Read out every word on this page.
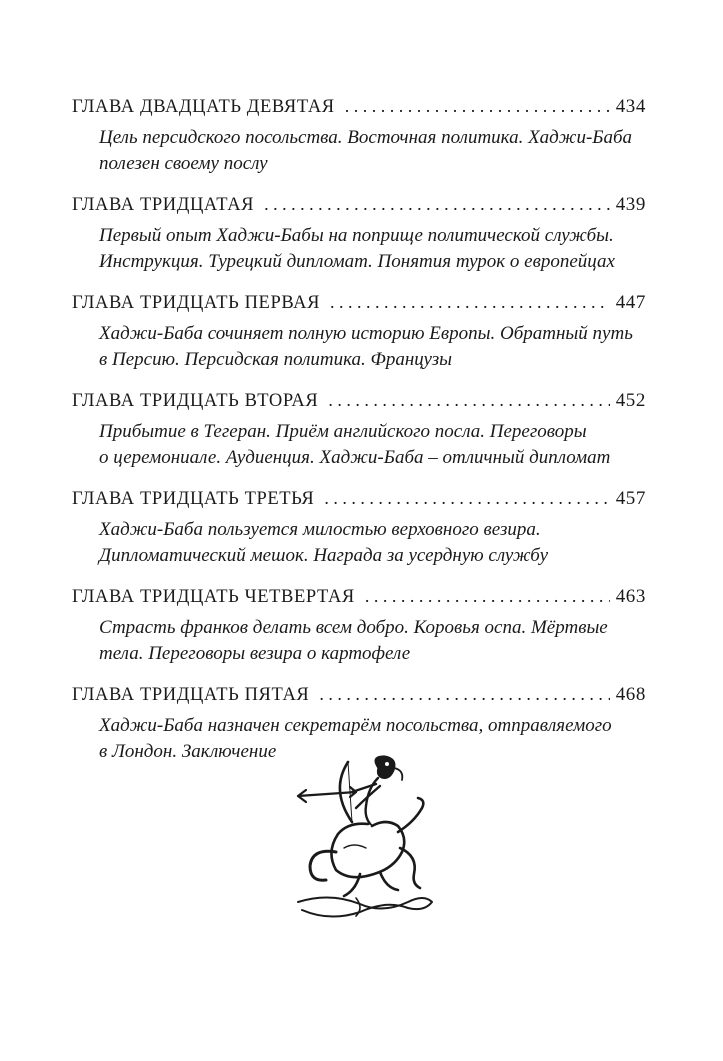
ГЛАВА ДВАДЦАТЬ ДЕВЯТАЯ . . .	434
Цель персидского посольства. Восточная политика. Хаджи-Баба
полезен своему послу
ГЛАВА ТРИДЦАТАЯ . . .	439
Первый опыт Хаджи-Бабы на поприще политической службы.
Инструкция. Турецкий дипломат. Понятия турок о европейцах
ГЛАВА ТРИДЦАТЬ ПЕРВАЯ . . .	447
Хаджи-Баба сочиняет полную историю Европы. Обратный путь
в Персию. Персидская политика. Французы
ГЛАВА ТРИДЦАТЬ ВТОРАЯ . . .	452
Прибытие в Тегеран. Приём английского посла. Переговоры
о церемониале. Аудиенция. Хаджи-Баба – отличный дипломат
ГЛАВА ТРИДЦАТЬ ТРЕТЬЯ . . .	457
Хаджи-Баба пользуется милостью верховного везира.
Дипломатический мешок. Награда за усердную службу
ГЛАВА ТРИДЦАТЬ ЧЕТВЕРТАЯ . . .	463
Страсть франков делать всем добро. Коровья оспа. Мёртвые
тела. Переговоры везира о картофеле
ГЛАВА ТРИДЦАТЬ ПЯТАЯ . . .	468
Хаджи-Баба назначен секретарём посольства, отправляемого
в Лондон. Заключение
